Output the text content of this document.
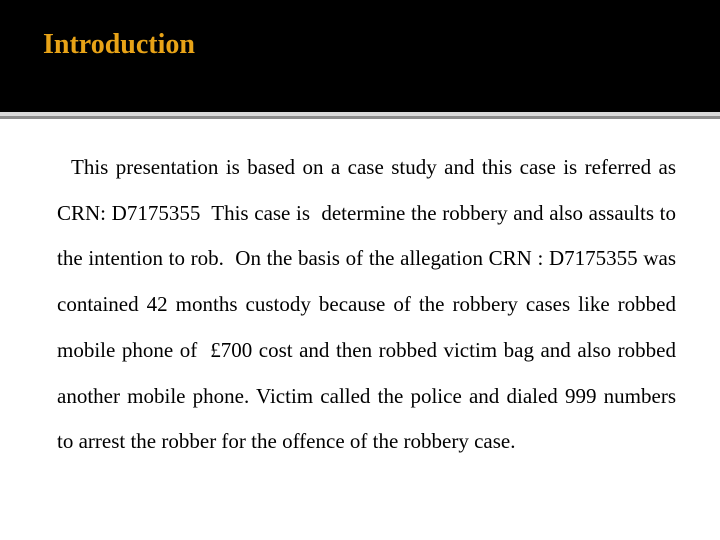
Introduction

This presentation is based on a case study and this case is referred as CRN: D7175355  This case is  determine the robbery and also assaults to the intention to rob.  On the basis of the allegation CRN : D7175355 was contained 42 months custody because of the robbery cases like robbed mobile phone of  £700 cost and then robbed victim bag and also robbed another mobile phone. Victim called the police and dialed 999 numbers to arrest the robber for the offence of the robbery case.
